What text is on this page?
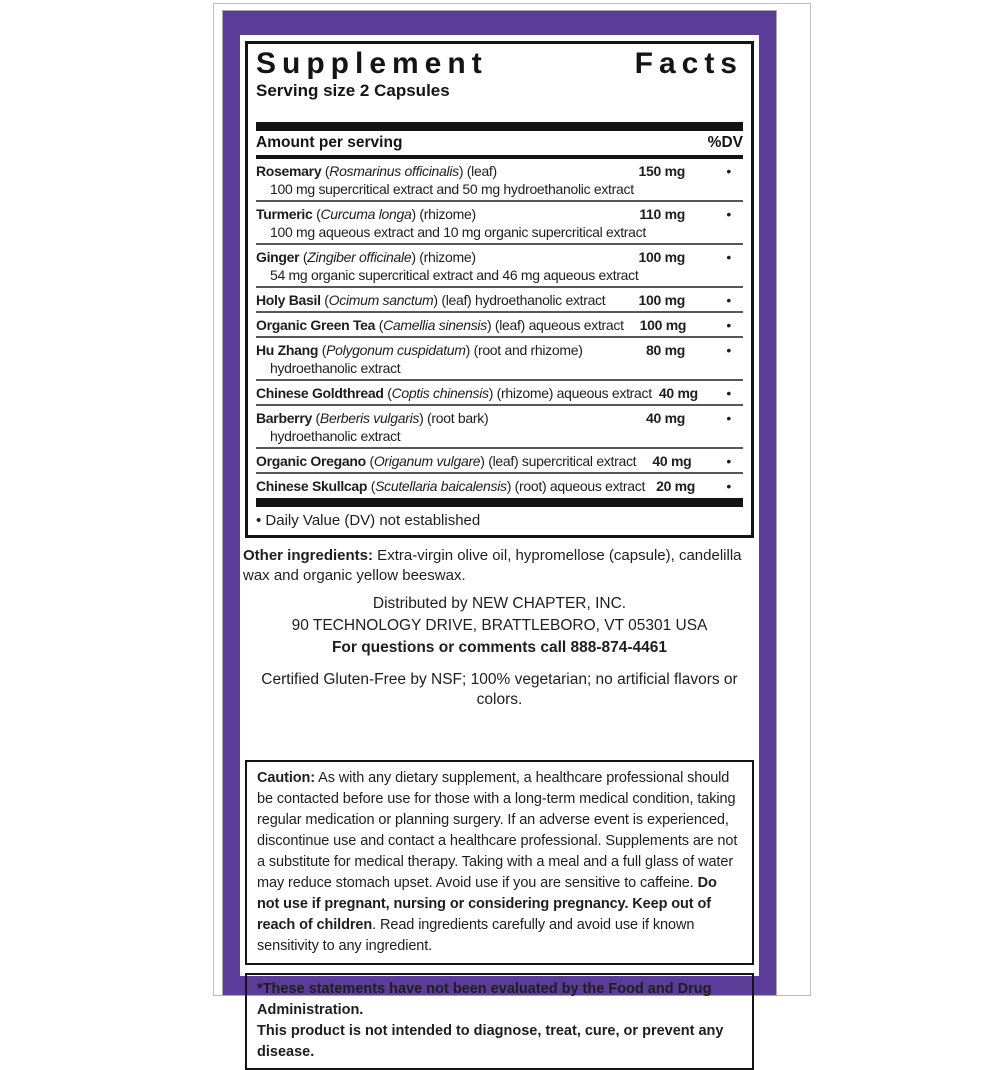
Supplement	Facts
Serving size 2 Capsules
Amount per serving	%DV
Rosemary (Rosmarinus officinalis) (leaf)	150 mg	•
100 mg supercritical extract and 50 mg hydroethanolic extract
Turmeric (Curcuma longa) (rhizome)	110 mg	•
100 mg aqueous extract and 10 mg organic supercritical extract
Ginger (Zingiber officinale) (rhizome)	100 mg	•
54 mg organic supercritical extract and 46 mg aqueous extract
Holy Basil (Ocimum sanctum) (leaf) hydroethanolic extract	100 mg	•
Organic Green Tea (Camellia sinensis) (leaf) aqueous extract	100 mg	•
Hu Zhang (Polygonum cuspidatum) (root and rhizome)	80 mg	•
hydroethanolic extract
Chinese Goldthread (Coptis chinensis) (rhizome) aqueous extract 40 mg	•
Barberry (Berberis vulgaris) (root bark)	40 mg	•
hydroethanolic extract
Organic Oregano (Origanum vulgare) (leaf) supercritical extract	40 mg	•
Chinese Skullcap (Scutellaria baicalensis) (root) aqueous extract 20 mg	•
• Daily Value (DV) not established
Other ingredients: Extra-virgin olive oil, hypromellose (capsule), candelilla wax and organic yellow beeswax.
Distributed by NEW CHAPTER, INC.
90 TECHNOLOGY DRIVE, BRATTLEBORO, VT 05301 USA
For questions or comments call 888-874-4461
Certified Gluten-Free by NSF; 100% vegetarian; no artificial flavors or colors.
Caution: As with any dietary supplement, a healthcare professional should be contacted before use for those with a long-term medical condition, taking regular medication or planning surgery. If an adverse event is experienced, discontinue use and contact a healthcare professional. Supplements are not a substitute for medical therapy. Taking with a meal and a full glass of water may reduce stomach upset. Avoid use if you are sensitive to caffeine. Do not use if pregnant, nursing or considering pregnancy. Keep out of reach of children. Read ingredients carefully and avoid use if known sensitivity to any ingredient.
*These statements have not been evaluated by the Food and Drug Administration.
This product is not intended to diagnose, treat, cure, or prevent any disease.
